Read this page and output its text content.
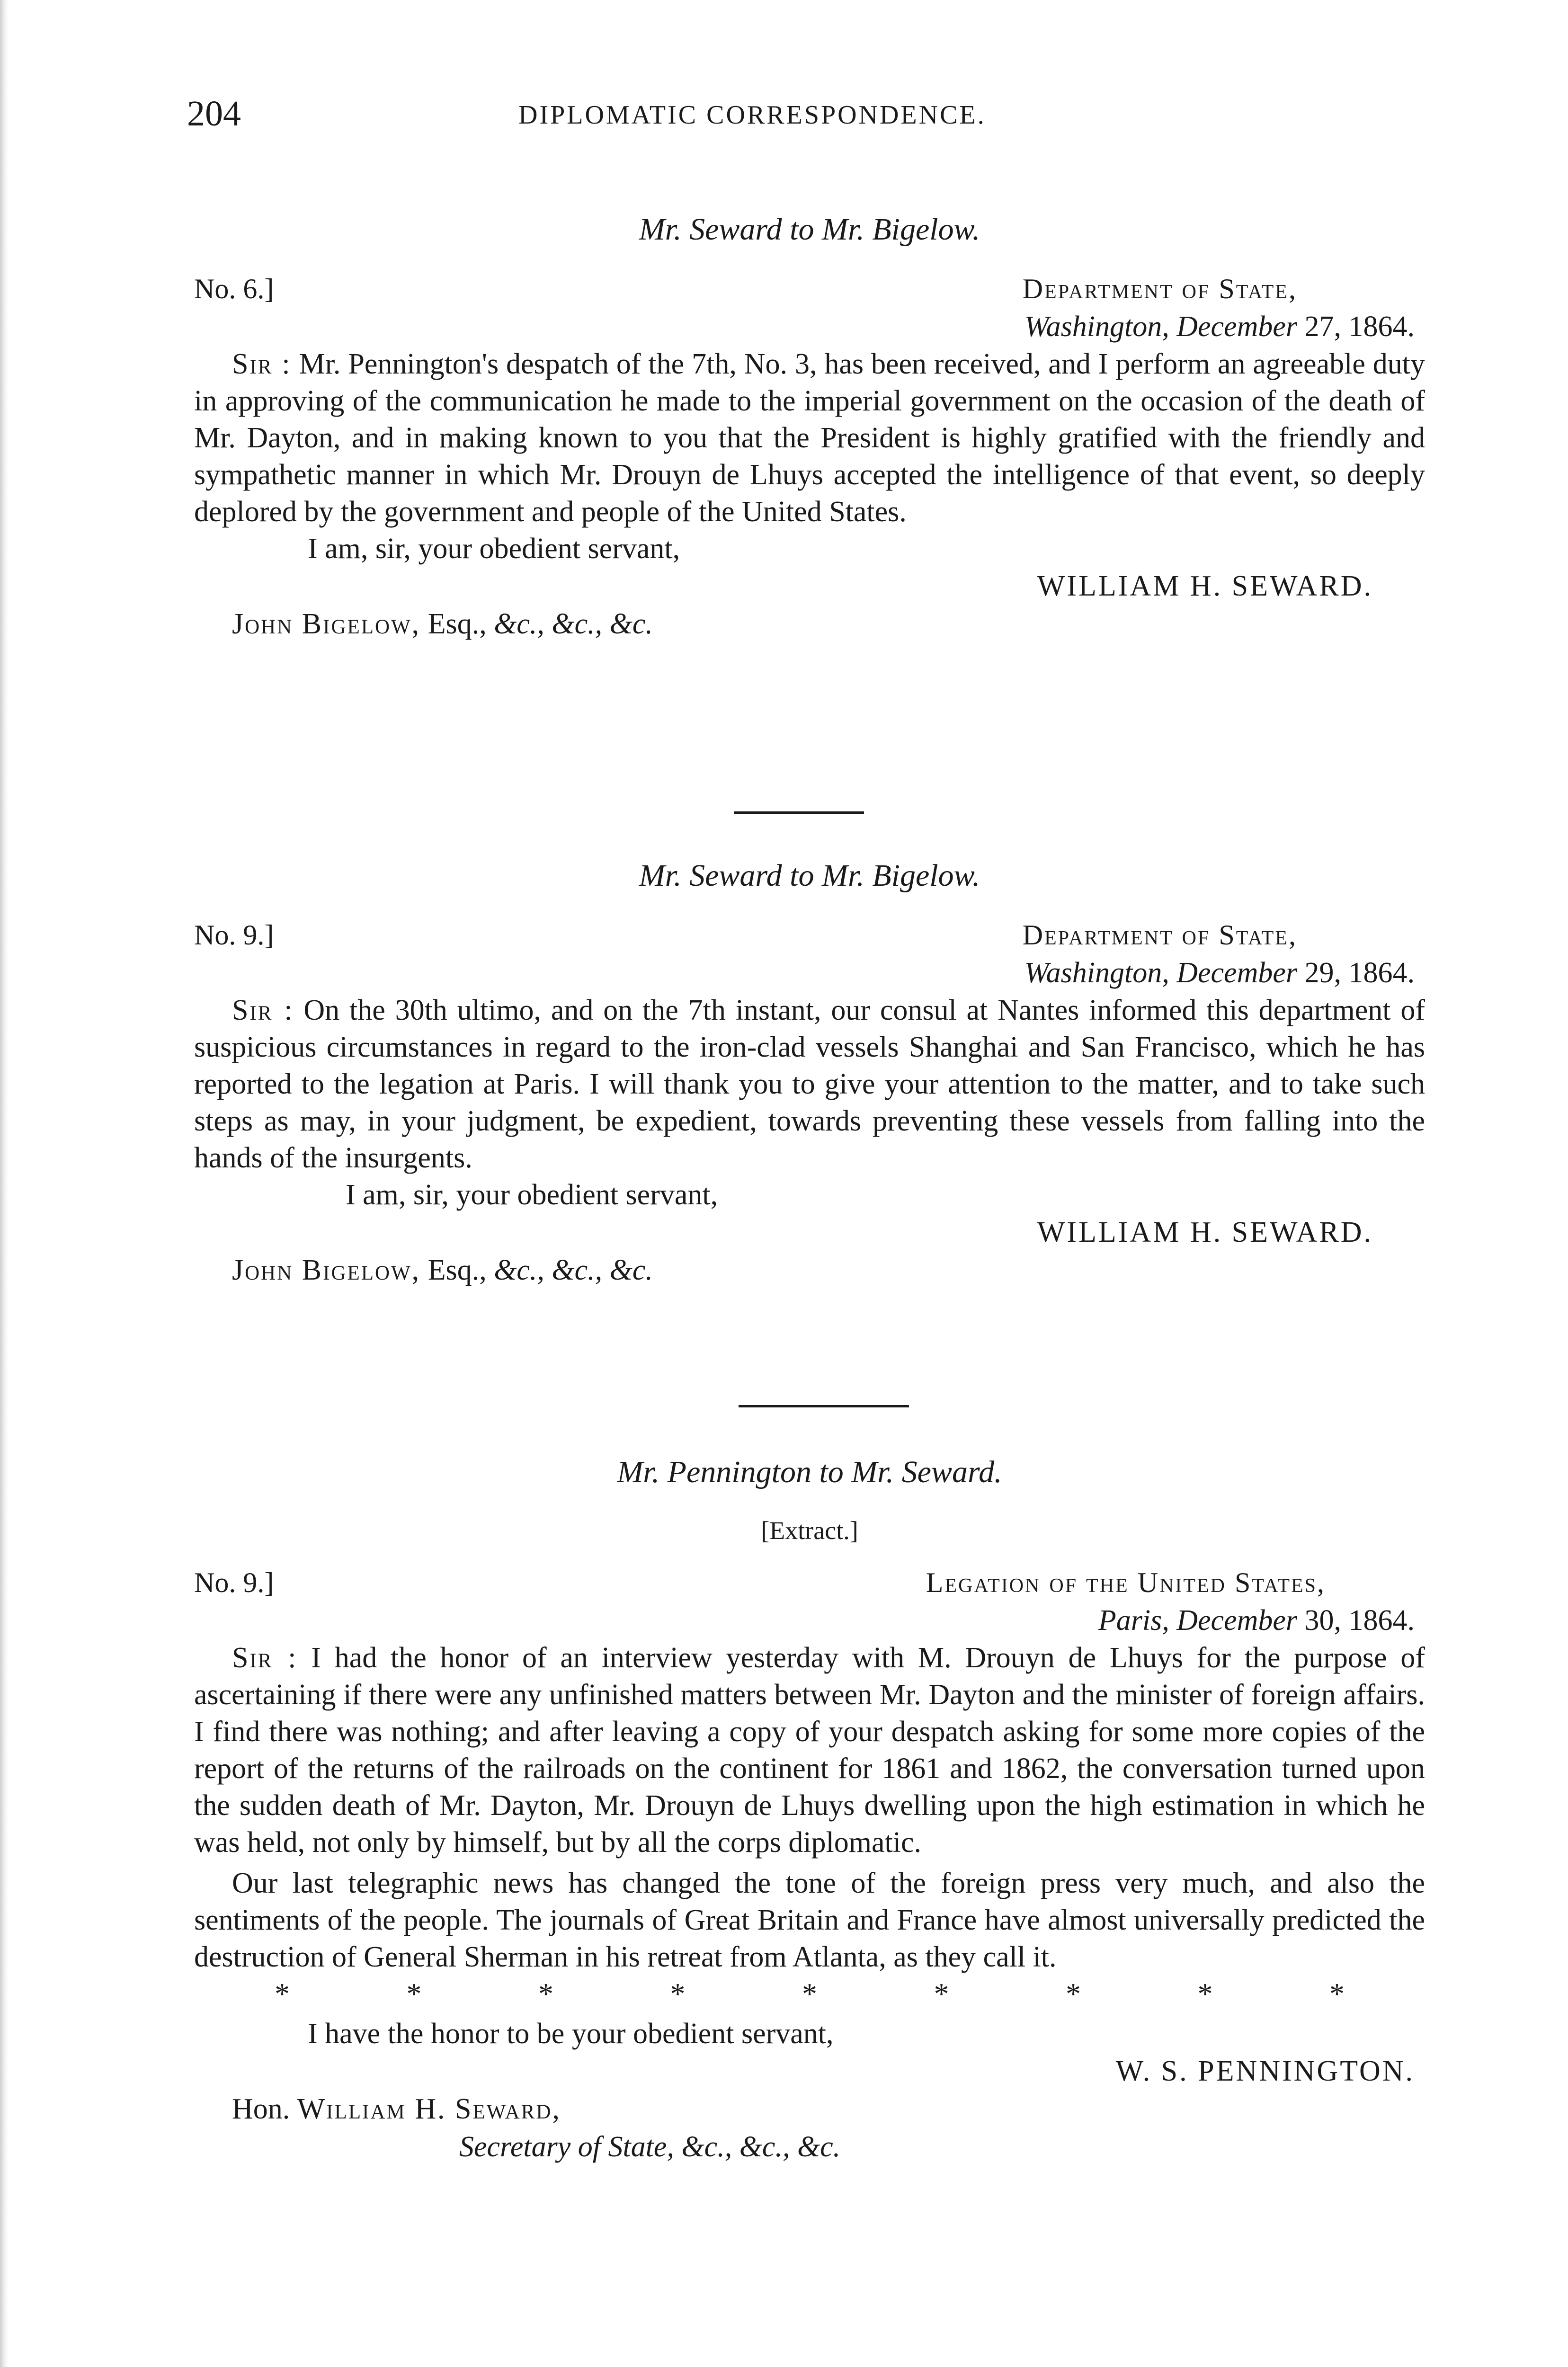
204	DIPLOMATIC CORRESPONDENCE.

Mr. Seward to Mr. Bigelow.

No. 6.]	Department of State,
Washington, December 27, 1864.

Sir : Mr. Pennington's despatch of the 7th, No. 3, has been received, and I perform an agreeable duty in approving of the communication he made to the imperial government on the occasion of the death of Mr. Dayton, and in making known to you that the President is highly gratified with the friendly and sympathetic manner in which Mr. Drouyn de Lhuys accepted the intelligence of that event, so deeply deplored by the government and people of the United States.

I am, sir, your obedient servant,

WILLIAM H. SEWARD.
John Bigelow, Esq., &c., &c., &c.

Mr. Seward to Mr. Bigelow.

No. 9.]	Department of State,
Washington, December 29, 1864.

Sir : On the 30th ultimo, and on the 7th instant, our consul at Nantes informed this department of suspicious circumstances in regard to the iron-clad vessels Shanghai and San Francisco, which he has reported to the legation at Paris. I will thank you to give your attention to the matter, and to take such steps as may, in your judgment, be expedient, towards preventing these vessels from falling into the hands of the insurgents.

I am, sir, your obedient servant,

WILLIAM H. SEWARD.
John Bigelow, Esq., &c., &c., &c.

Mr. Pennington to Mr. Seward.

[Extract.]
No. 9.]	Legation of the United States,
Paris, December 30, 1864.

Sir : I had the honor of an interview yesterday with M. Drouyn de Lhuys for the purpose of ascertaining if there were any unfinished matters between Mr. Dayton and the minister of foreign affairs. I find there was nothing; and after leaving a copy of your despatch asking for some more copies of the report of the returns of the railroads on the continent for 1861 and 1862, the conversation turned upon the sudden death of Mr. Dayton, Mr. Drouyn de Lhuys dwelling upon the high estimation in which he was held, not only by himself, but by all the corps diplomatic.

Our last telegraphic news has changed the tone of the foreign press very much, and also the sentiments of the people. The journals of Great Britain and France have almost universally predicted the destruction of General Sherman in his retreat from Atlanta, as they call it.

*	*	*	*	*	*	*	*	*

I have the honor to be your obedient servant,

W. S. PENNINGTON.
Hon. William H. Seward,
Secretary of State, &c., &c., &c.
